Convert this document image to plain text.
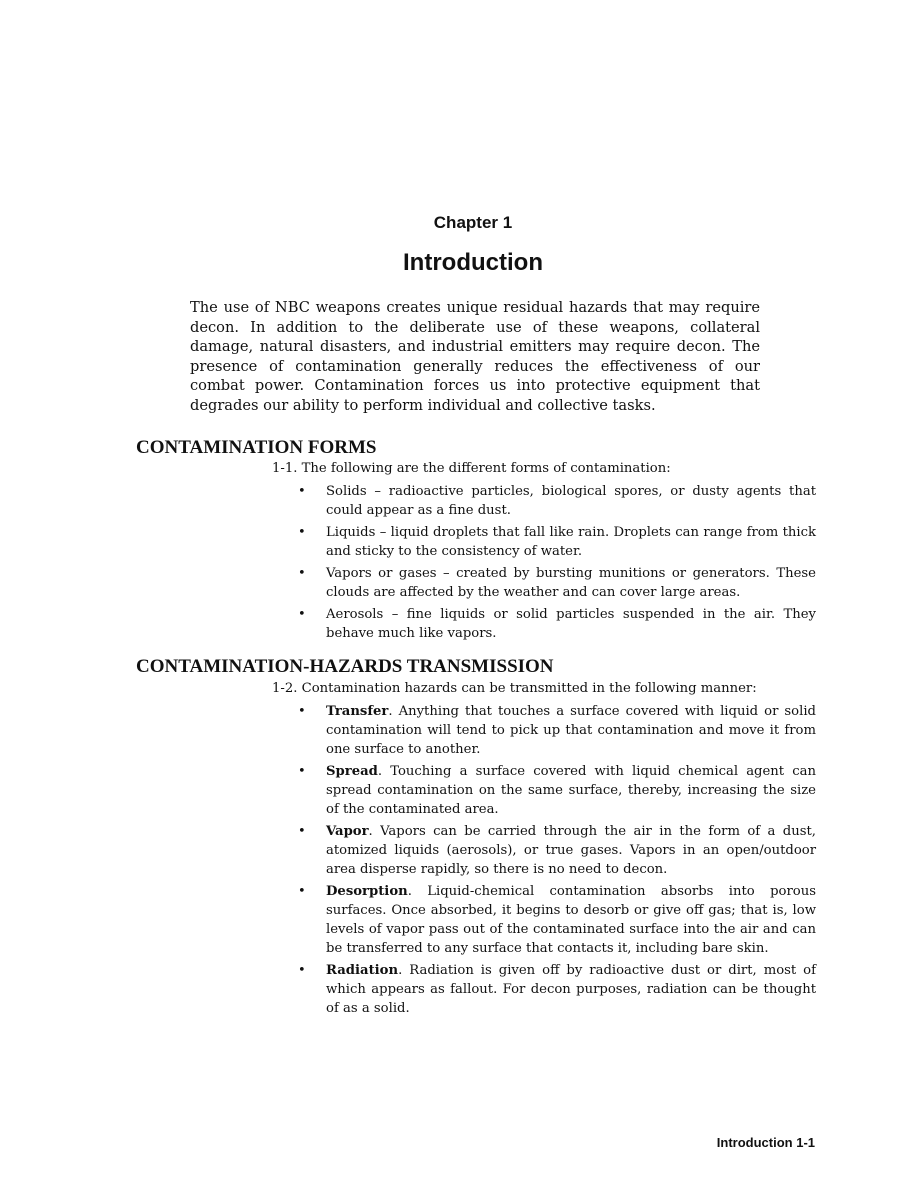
Chapter 1
Introduction
The use of NBC weapons creates unique residual hazards that may require decon. In addition to the deliberate use of these weapons, collateral damage, natural disasters, and industrial emitters may require decon. The presence of contamination generally reduces the effectiveness of our combat power. Contamination forces us into protective equipment that degrades our ability to perform individual and collective tasks.
CONTAMINATION FORMS
1-1. The following are the different forms of contamination:
• Solids – radioactive particles, biological spores, or dusty agents that could appear as a fine dust.
• Liquids – liquid droplets that fall like rain. Droplets can range from thick and sticky to the consistency of water.
• Vapors or gases – created by bursting munitions or generators. These clouds are affected by the weather and can cover large areas.
• Aerosols – fine liquids or solid particles suspended in the air. They behave much like vapors.
CONTAMINATION-HAZARDS TRANSMISSION
1-2. Contamination hazards can be transmitted in the following manner:
• Transfer. Anything that touches a surface covered with liquid or solid contamination will tend to pick up that contamination and move it from one surface to another.
• Spread. Touching a surface covered with liquid chemical agent can spread contamination on the same surface, thereby, increasing the size of the contaminated area.
• Vapor. Vapors can be carried through the air in the form of a dust, atomized liquids (aerosols), or true gases. Vapors in an open/outdoor area disperse rapidly, so there is no need to decon.
• Desorption. Liquid-chemical contamination absorbs into porous surfaces. Once absorbed, it begins to desorb or give off gas; that is, low levels of vapor pass out of the contaminated surface into the air and can be transferred to any surface that contacts it, including bare skin.
• Radiation. Radiation is given off by radioactive dust or dirt, most of which appears as fallout. For decon purposes, radiation can be thought of as a solid.
Introduction 1-1
